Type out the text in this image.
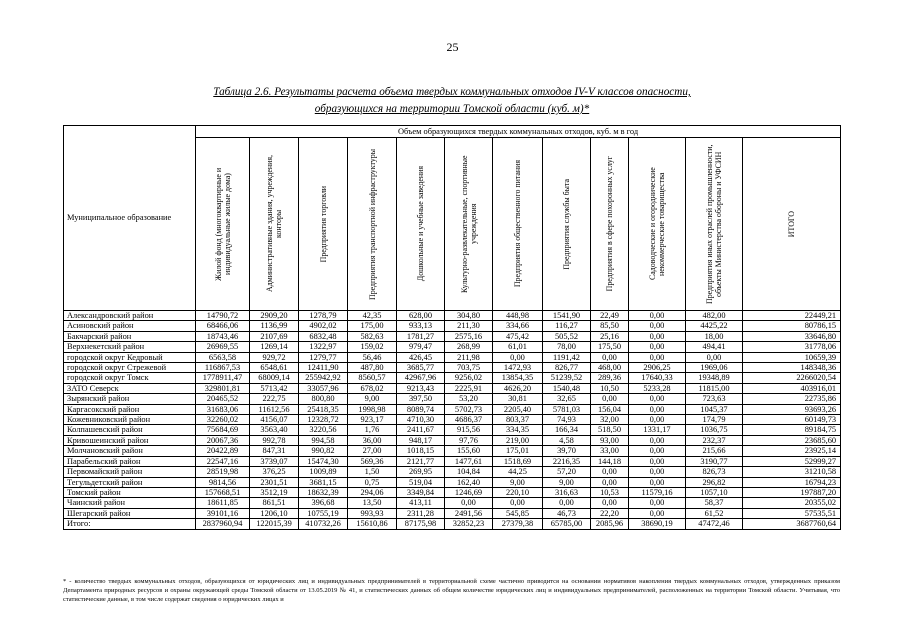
25
Таблица 2.6. Результаты расчета объема твердых коммунальных отходов IV-V классов опасности,
образующихся на территории Томской области (куб. м)*
Муниципальное образование	Объем образующихся твердых коммунальных отходов, куб. м в год											

	Жилой фонд (многоквартирные и индивидуальные жилые дома)	Административные здания, учреждения, конторы	Предприятия торговли	Предприятия транспортной инфраструктуры	Дошкольные и учебные заведения	Культурно-развлекательные, спортивные учреждения	Предприятия общественного питания	Предприятия службы быта	Предприятия в сфере похоронных услуг	Садоводческие и огороднические некоммерческие товарищества	Предприятия иных отраслей промышленности, объекты Министерства обороны и УФСИН	ИТОГО

Александровский район	14790,72	2909,20	1278,79	42,35	628,00	304,80	448,98	1541,90	22,49	0,00	482,00	22449,21
Асиновский район	68466,06	1136,99	4902,02	175,00	933,13	211,30	334,66	116,27	85,50	0,00	4425,22	80786,15
Бакчарский район	18743,46	2107,69	6832,48	582,63	1781,27	2575,16	475,42	505,52	25,16	0,00	18,00	33646,80
Верхнекетский район	26969,55	1269,14	1322,97	159,02	979,47	268,99	61,01	78,00	175,50	0,00	494,41	31778,06
городской округ Кедровый	6563,58	929,72	1279,77	56,46	426,45	211,98	0,00	1191,42	0,00	0,00	0,00	10659,39
городской округ Стрежевой	116867,53	6548,61	12411,90	487,80	3685,77	703,75	1472,93	826,77	468,00	2906,25	1969,06	148348,36
городской округ Томск	1778911,47	68009,14	255942,92	8560,57	42967,96	9256,02	13854,35	51239,52	289,36	17640,33	19348,89	2266020,54
ЗАТО Северск	329801,81	5713,42	33057,96	678,02	9213,43	2225,91	4626,20	1540,48	10,50	5233,28	11815,00	403916,01
Зырянский район	20465,52	222,75	800,80	9,00	397,50	53,20	30,81	32,65	0,00	0,00	723,63	22735,86
Каргасокский район	31683,06	11612,56	25418,35	1998,98	8089,74	5702,73	2205,40	5781,03	156,04	0,00	1045,37	93693,26
Кожевниковский район	32260,02	4156,07	12328,72	923,17	4710,30	4686,37	803,37	74,93	32,00	0,00	174,79	60149,73
Колпашевский район	75684,69	3563,40	3220,56	1,76	2411,67	915,56	334,35	166,34	518,50	1331,17	1036,75	89184,75
Кривошеинский район	20067,36	992,78	994,58	36,00	948,17	97,76	219,00	4,58	93,00	0,00	232,37	23685,60
Молчановский район	20422,89	847,31	990,82	27,00	1018,15	155,60	175,01	39,70	33,00	0,00	215,66	23925,14
Парабельский район	22547,16	3739,07	15474,30	569,36	2121,77	1477,61	1518,69	2216,35	144,18	0,00	3190,77	52999,27
Первомайский район	28519,98	376,25	1009,89	1,50	269,95	104,84	44,25	57,20	0,00	0,00	826,73	31210,58
Тегульдетский район	9814,56	2301,51	3681,15	0,75	519,04	162,40	9,00	9,00	0,00	0,00	296,82	16794,23
Томский район	157668,51	3512,19	18632,39	294,06	3349,84	1246,69	220,10	316,63	10,53	11579,16	1057,10	197887,20
Чаинский район	18611,85	861,51	396,68	13,50	413,11	0,00	0,00	0,00	0,00	0,00	58,37	20355,02
Шегарский район	39101,16	1206,10	10755,19	993,93	2311,28	2491,56	545,85	46,73	22,20	0,00	61,52	57535,51
Итого:	2837960,94	122015,39	410732,26	15610,86	87175,98	32852,23	27379,38	65785,00	2085,96	38690,19	47472,46	3687760,64
* - количество твердых коммунальных отходов, образующихся от юридических лиц и индивидуальных предпринимателей в территориальной схеме частично приводится на основании нормативов накопления твердых коммунальных отходов, утвержденных приказом Департамента природных ресурсов и охраны окружающей среды Томской области от 13.05.2019 № 41, и статистических данных об общем количестве юридических лиц и индивидуальных предпринимателей, расположенных на территории Томской области. Учитывая, что статистические данные, в том числе содержат сведения о юридических лицах и
